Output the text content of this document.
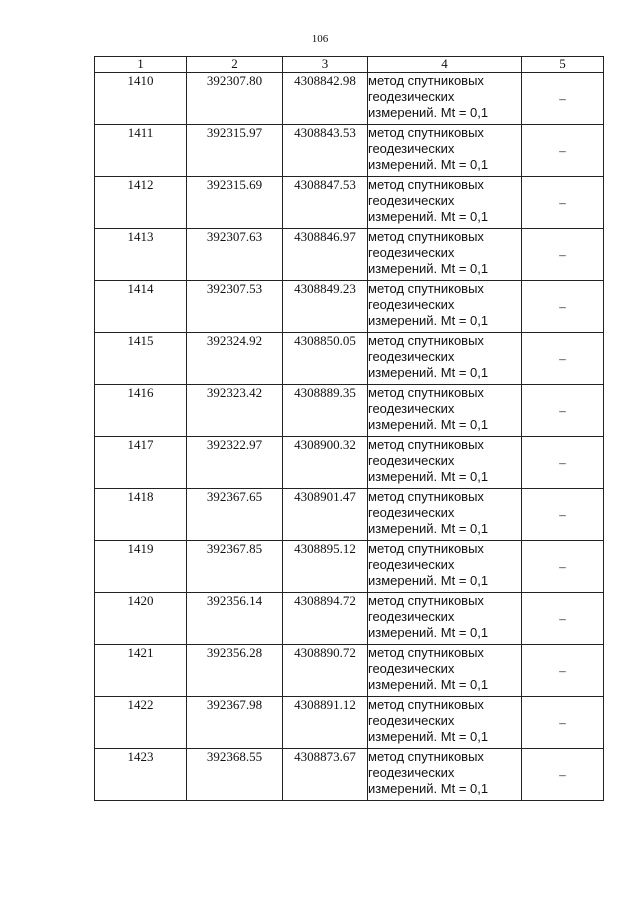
106
1	2	3	4	5
1410	392307.80	4308842.98	метод спутниковых
геодезических
измерений. Mt = 0,1	–
1411	392315.97	4308843.53	метод спутниковых
геодезических
измерений. Mt = 0,1	–
1412	392315.69	4308847.53	метод спутниковых
геодезических
измерений. Mt = 0,1	–
1413	392307.63	4308846.97	метод спутниковых
геодезических
измерений. Mt = 0,1	–
1414	392307.53	4308849.23	метод спутниковых
геодезических
измерений. Mt = 0,1	–
1415	392324.92	4308850.05	метод спутниковых
геодезических
измерений. Mt = 0,1	–
1416	392323.42	4308889.35	метод спутниковых
геодезических
измерений. Mt = 0,1	–
1417	392322.97	4308900.32	метод спутниковых
геодезических
измерений. Mt = 0,1	–
1418	392367.65	4308901.47	метод спутниковых
геодезических
измерений. Mt = 0,1	–
1419	392367.85	4308895.12	метод спутниковых
геодезических
измерений. Mt = 0,1	–
1420	392356.14	4308894.72	метод спутниковых
геодезических
измерений. Mt = 0,1	–
1421	392356.28	4308890.72	метод спутниковых
геодезических
измерений. Mt = 0,1	–
1422	392367.98	4308891.12	метод спутниковых
геодезических
измерений. Mt = 0,1	–
1423	392368.55	4308873.67	метод спутниковых
геодезических
измерений. Mt = 0,1	–
